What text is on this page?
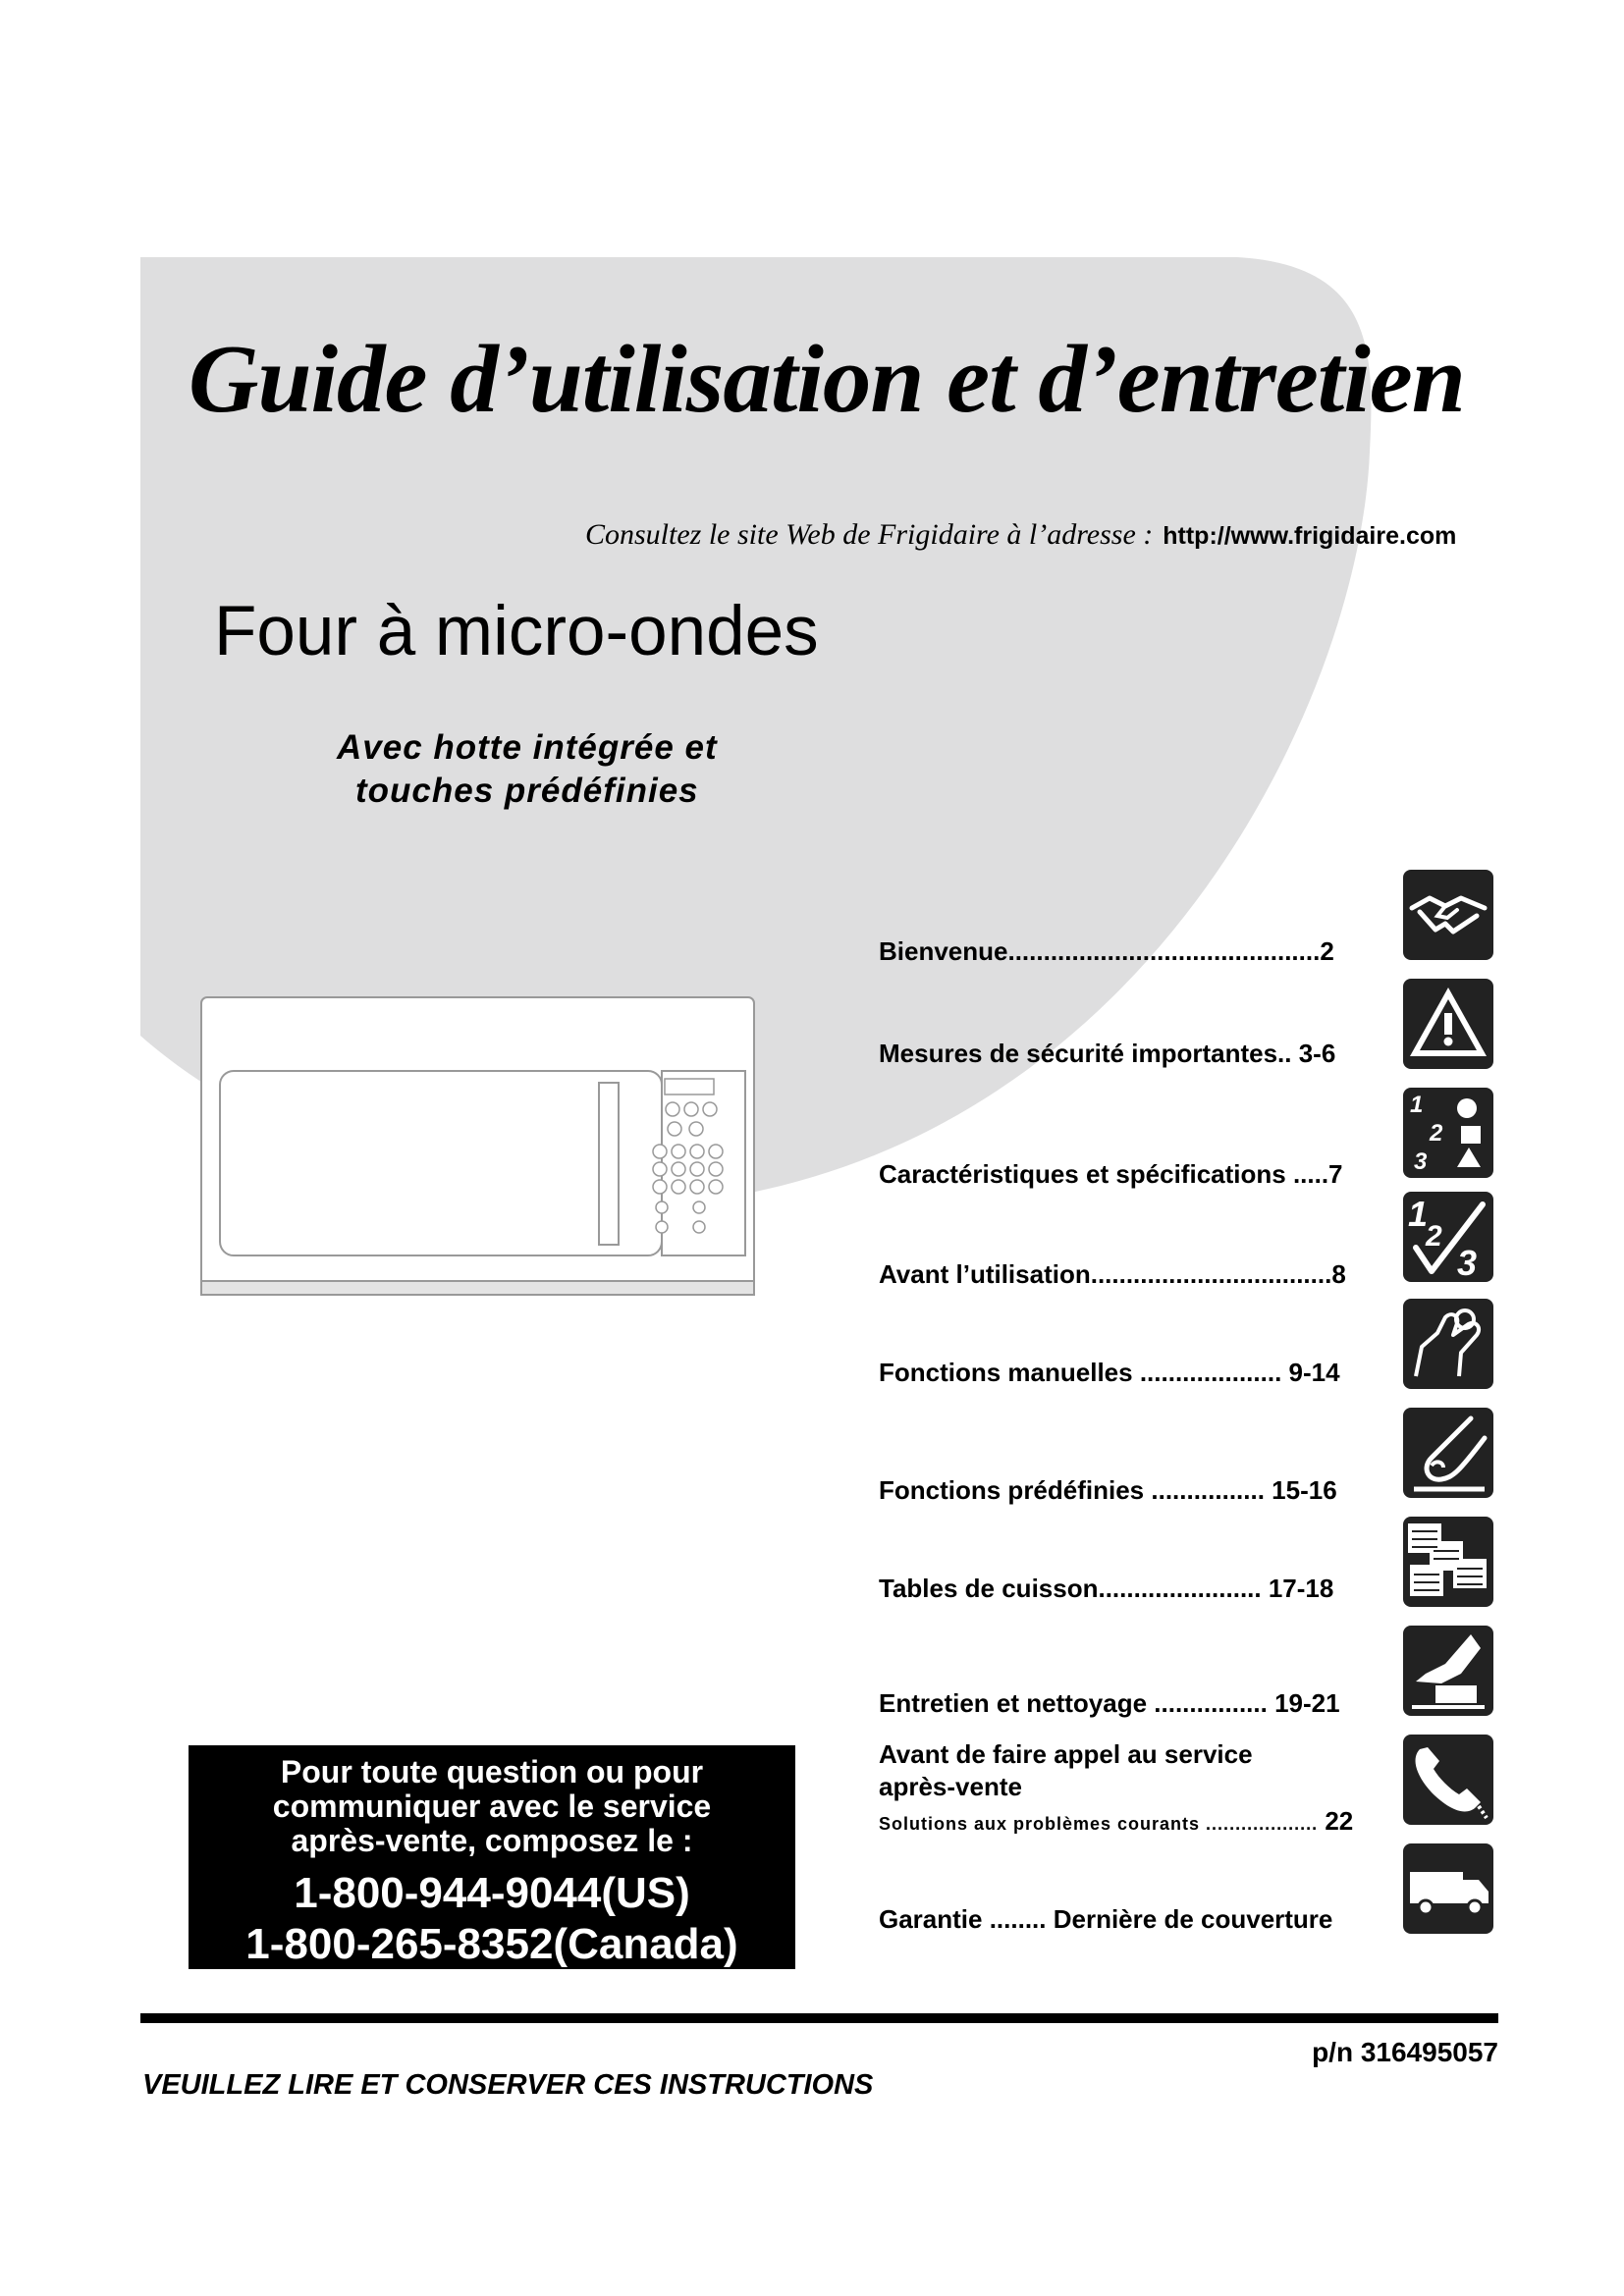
Guide d’utilisation et d’entretien
Consultez le site Web de Frigidaire à l’adresse : http://www.frigidaire.com
Four à micro-ondes
Avec hotte intégrée et
touches prédéfinies
Bienvenue............................................2
Mesures de sécurité importantes.. 3-6
Caractéristiques et spécifications .....7
Avant l’utilisation..................................8
Fonctions manuelles .................... 9-14
Fonctions prédéfinies ................ 15-16
Tables de cuisson....................... 17-18
Entretien et nettoyage ................ 19-21
Avant de faire appel au service
après-vente
Solutions aux problèmes courants ................... 22
Garantie ........ Dernière de couverture
1
2
3
1
2
3
Pour toute question ou pour
communiquer avec le service
après-vente, composez le :
1-800-944-9044(US)
1-800-265-8352(Canada)
p/n 316495057
VEUILLEZ LIRE ET CONSERVER CES INSTRUCTIONS
